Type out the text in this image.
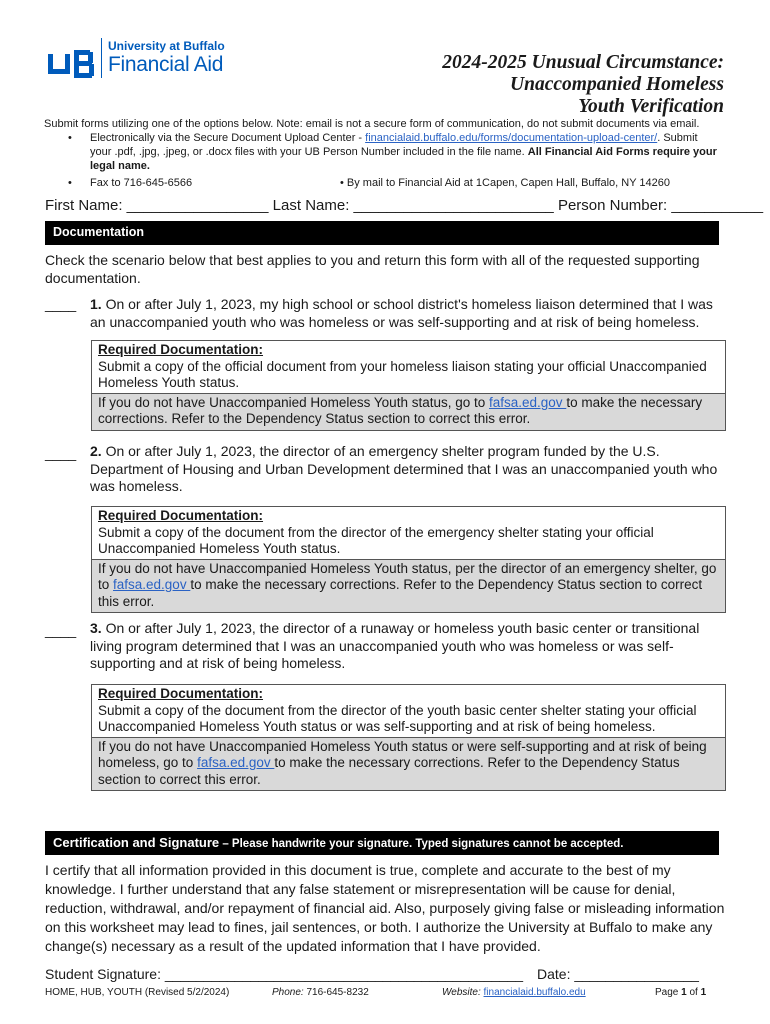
University at Buffalo
Financial Aid	2024-2025 Unusual Circumstance:
Unaccompanied Homeless
Youth Verification
Submit forms utilizing one of the options below. Note: email is not a secure form of communication, do not submit documents via email.
• Electronically via the Secure Document Upload Center - financialaid.buffalo.edu/forms/documentation-upload-center/. Submit your .pdf, .jpg, .jpeg, or .docx files with your UB Person Number included in the file name. All Financial Aid Forms require your legal name.
• Fax to 716-645-6566	• By mail to Financial Aid at 1Capen, Capen Hall, Buffalo, NY 14260
First Name: _________________ Last Name: ________________________ Person Number: ___________
Documentation
Check the scenario below that best applies to you and return this form with all of the requested supporting documentation.
____ 1. On or after July 1, 2023, my high school or school district's homeless liaison determined that I was an unaccompanied youth who was homeless or was self-supporting and at risk of being homeless.
Required Documentation:
Submit a copy of the official document from your homeless liaison stating your official Unaccompanied Homeless Youth status.
If you do not have Unaccompanied Homeless Youth status, go to fafsa.ed.gov to make the necessary corrections. Refer to the Dependency Status section to correct this error.
____ 2. On or after July 1, 2023, the director of an emergency shelter program funded by the U.S. Department of Housing and Urban Development determined that I was an unaccompanied youth who was homeless.
Required Documentation:
Submit a copy of the document from the director of the emergency shelter stating your official Unaccompanied Homeless Youth status.
If you do not have Unaccompanied Homeless Youth status, per the director of an emergency shelter, go to fafsa.ed.gov to make the necessary corrections. Refer to the Dependency Status section to correct this error.
____ 3. On or after July 1, 2023, the director of a runaway or homeless youth basic center or transitional living program determined that I was an unaccompanied youth who was homeless or was self-supporting and at risk of being homeless.
Required Documentation:
Submit a copy of the document from the director of the youth basic center shelter stating your official Unaccompanied Homeless Youth status or was self-supporting and at risk of being homeless.
If you do not have Unaccompanied Homeless Youth status or were self-supporting and at risk of being homeless, go to fafsa.ed.gov to make the necessary corrections. Refer to the Dependency Status section to correct this error.
Certification and Signature – Please handwrite your signature. Typed signatures cannot be accepted.
I certify that all information provided in this document is true, complete and accurate to the best of my knowledge. I further understand that any false statement or misrepresentation will be cause for denial, reduction, withdrawal, and/or repayment of financial aid. Also, purposely giving false or misleading information on this worksheet may lead to fines, jail sentences, or both. I authorize the University at Buffalo to make any change(s) necessary as a result of the updated information that I have provided.
Student Signature: ______________________________________________ Date: ________________
HOME, HUB, YOUTH (Revised 5/2/2024)	Phone: 716-645-8232	Website: financialaid.buffalo.edu	Page 1 of 1
